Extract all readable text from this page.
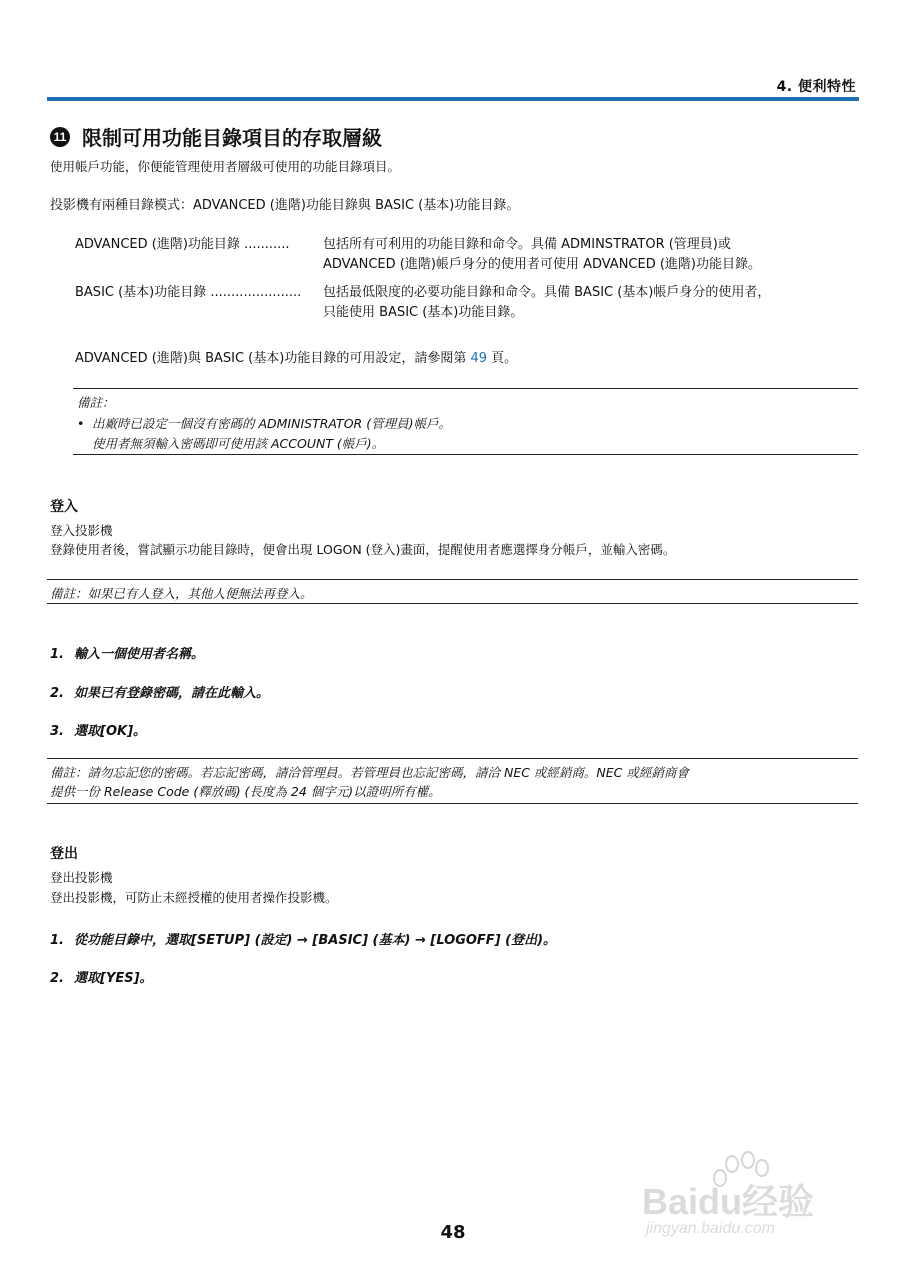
4. 便利特性
11 限制可用功能目錄項目的存取層級
使用帳戶功能，你便能管理使用者層級可使用的功能目錄項目。
投影機有兩種目錄模式：ADVANCED (進階)功能目錄與 BASIC (基本)功能目錄。
ADVANCED (進階)功能目錄 ...........	包括所有可利用的功能目錄和命令。具備 ADMINSTRATOR (管理員)或
ADVANCED (進階)帳戶身分的使用者可使用 ADVANCED (進階)功能目錄。
BASIC (基本)功能目錄 ......................	包括最低限度的必要功能目錄和命令。具備 BASIC (基本)帳戶身分的使用者，
只能使用 BASIC (基本)功能目錄。
ADVANCED (進階)與 BASIC (基本)功能目錄的可用設定，請參閱第 49 頁。
備註：
• 出廠時已設定一個沒有密碼的 ADMINISTRATOR (管理員)帳戶。
使用者無須輸入密碼即可使用該 ACCOUNT (帳戶)。
登入
登入投影機
登錄使用者後，嘗試顯示功能目錄時，便會出現 LOGON (登入)畫面，提醒使用者應選擇身分帳戶，並輸入密碼。
備註：如果已有人登入，其他人便無法再登入。
1. 輸入一個使用者名稱。
2. 如果已有登錄密碼，請在此輸入。
3. 選取[OK]。
備註：請勿忘記您的密碼。若忘記密碼，請洽管理員。若管理員也忘記密碼，請洽 NEC 或經銷商。NEC 或經銷商會
提供一份 Release Code (釋放碼) (長度為 24 個字元)以證明所有權。
登出
登出投影機
登出投影機，可防止未經授權的使用者操作投影機。
1. 從功能目錄中，選取[SETUP] (設定) → [BASIC] (基本) → [LOGOFF] (登出)。
2. 選取[YES]。
Baidu经验
jingyan.baidu.com
48
